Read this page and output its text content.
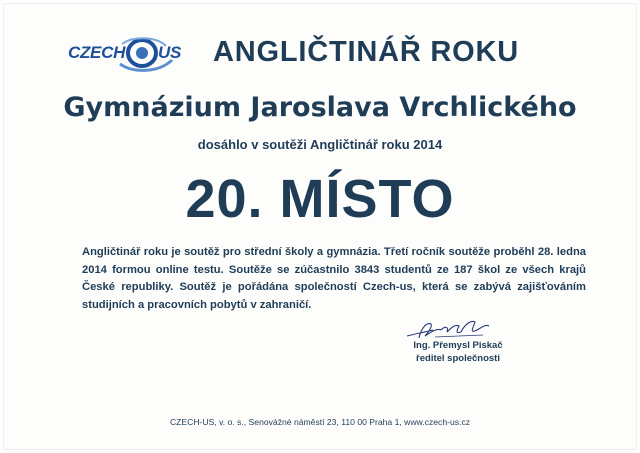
CZECH US ANGLIČTINÁŘ ROKU
Gymnázium Jaroslava Vrchlického
dosáhlo v soutěži Angličtinář roku 2014
20. MÍSTO
Angličtinář roku je soutěž pro střední školy a gymnázia. Třetí ročník soutěže proběhl 28. ledna 2014 formou online testu. Soutěže se zúčastnilo 3843 studentů ze 187 škol ze všech krajů České republiky. Soutěž je pořádána společností Czech-us, která se zabývá zajišťováním studijních a pracovních pobytů v zahraničí.
Ing. Přemysl Piskač
ředitel společnosti
CZECH-US, v. o. s., Senovážné náměstí 23, 110 00 Praha 1, www.czech-us.cz
